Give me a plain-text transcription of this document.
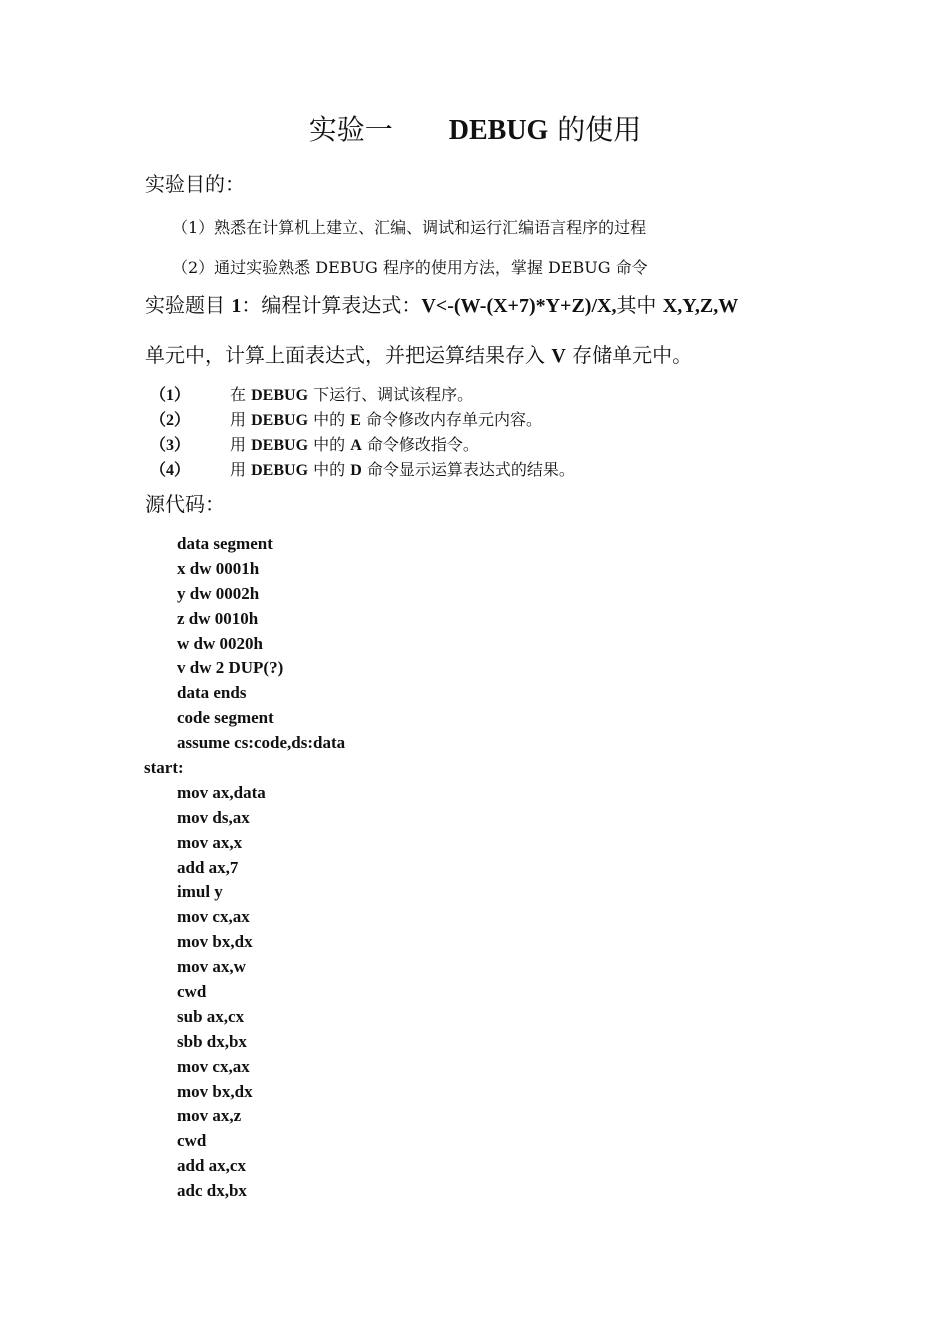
实验一 DEBUG 的使用
实验目的：
（1）熟悉在计算机上建立、汇编、调试和运行汇编语言程序的过程
（2）通过实验熟悉 DEBUG 程序的使用方法，掌握 DEBUG 命令
实验题目 1：编程计算表达式：V<-(W-(X+7)*Y+Z)/X,其中 X,Y,Z,W
单元中，计算上面表达式，并把运算结果存入 V 存储单元中。
（1） 在 DEBUG 下运行、调试该程序。
（2） 用 DEBUG 中的 E 命令修改内存单元内容。
（3） 用 DEBUG 中的 A 命令修改指令。
（4） 用 DEBUG 中的 D 命令显示运算表达式的结果。
源代码：
data segment
x dw 0001h
y dw 0002h
z dw 0010h
w dw 0020h
v dw 2 DUP(?)
data ends
code segment
assume cs:code,ds:data
start:
mov ax,data
mov ds,ax
mov ax,x
add ax,7
imul y
mov cx,ax
mov bx,dx
mov ax,w
cwd
sub ax,cx
sbb dx,bx
mov cx,ax
mov bx,dx
mov ax,z
cwd
add ax,cx
adc dx,bx
